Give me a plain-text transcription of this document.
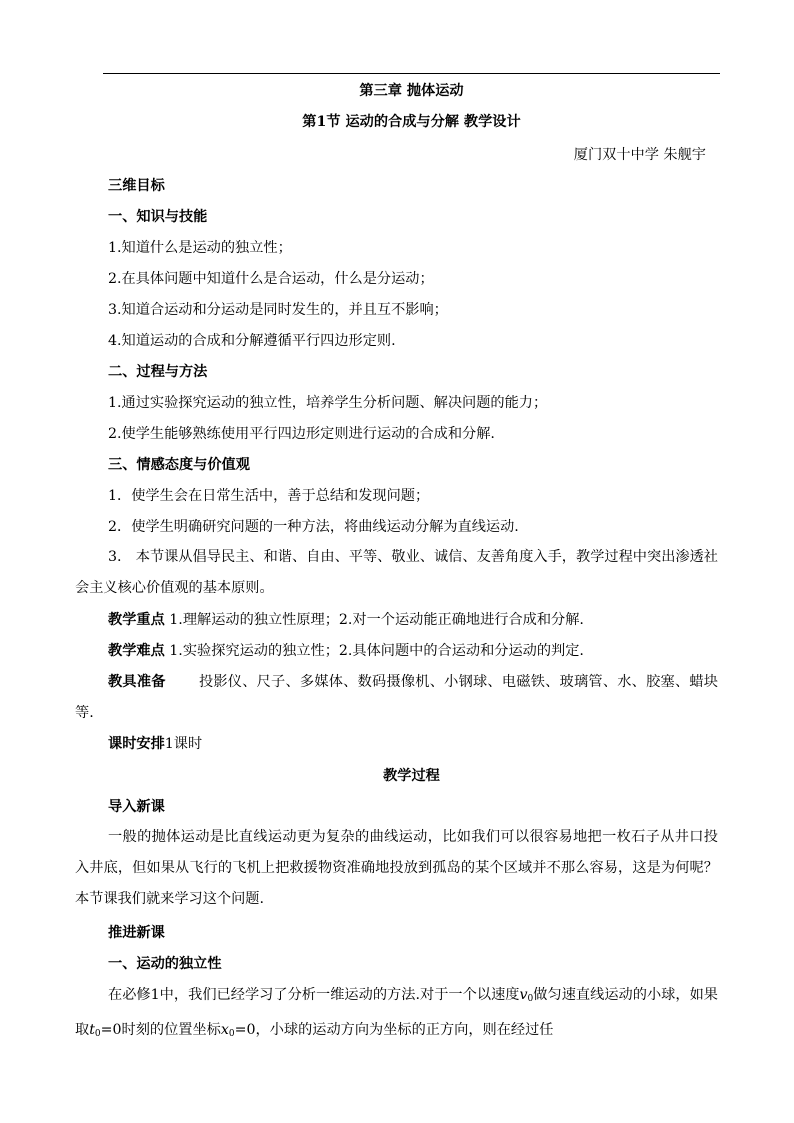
第三章 抛体运动
第1节 运动的合成与分解 教学设计
厦门双十中学 朱舰宇
三维目标
一、知识与技能
1.知道什么是运动的独立性；
2.在具体问题中知道什么是合运动，什么是分运动；
3.知道合运动和分运动是同时发生的，并且互不影响；
4.知道运动的合成和分解遵循平行四边形定则.
二、过程与方法
1.通过实验探究运动的独立性，培养学生分析问题、解决问题的能力；
2.使学生能够熟练使用平行四边形定则进行运动的合成和分解.
三、情感态度与价值观
1．使学生会在日常生活中，善于总结和发现问题；
2．使学生明确研究问题的一种方法，将曲线运动分解为直线运动.
3.　本节课从倡导民主、和谐、自由、平等、敬业、诚信、友善角度入手，教学过程中突出渗透社会主义核心价值观的基本原则。
教学重点 1.理解运动的独立性原理；2.对一个运动能正确地进行合成和分解.
教学难点 1.实验探究运动的独立性；2.具体问题中的合运动和分运动的判定.
教具准备 投影仪、尺子、多媒体、数码摄像机、小钢球、电磁铁、玻璃管、水、胶塞、蜡块等.
课时安排1课时
教学过程
导入新课
一般的抛体运动是比直线运动更为复杂的曲线运动，比如我们可以很容易地把一枚石子从井口投入井底，但如果从飞行的飞机上把救援物资准确地投放到孤岛的某个区域并不那么容易，这是为何呢？本节课我们就来学习这个问题.
推进新课
一、运动的独立性
在必修1中，我们已经学习了分析一维运动的方法.对于一个以速度$v_0$做匀速直线运动的小球，如果取$t_0=0$时刻的位置坐标$x_0=0$，小球的运动方向为坐标的正方向，则在经过任
